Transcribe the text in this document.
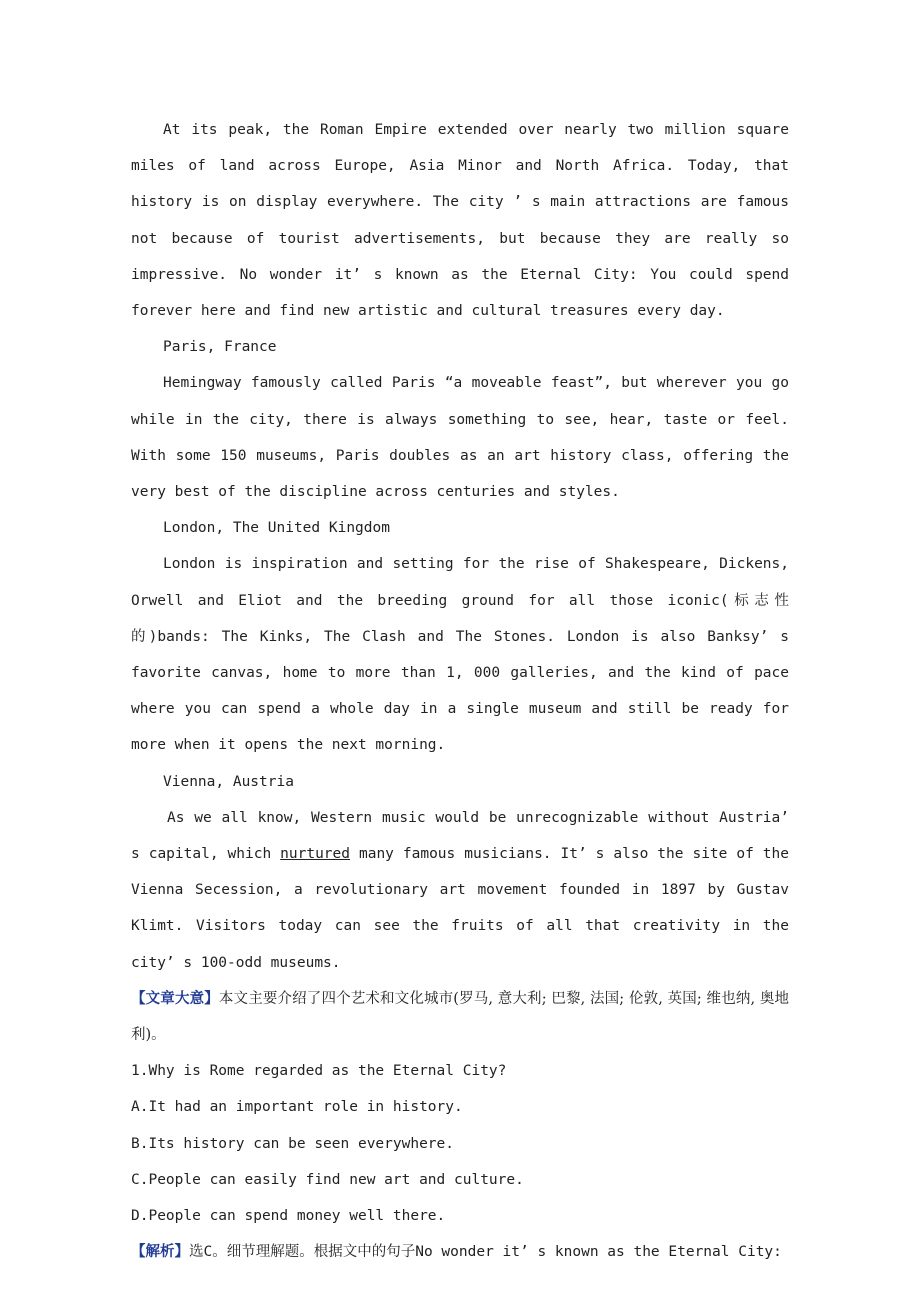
At its peak, the Roman Empire extended over nearly two million square miles of land across Europe, Asia Minor and North Africa. Today, that history is on display everywhere. The city ’ s main attractions are famous not because of tourist advertisements, but because they are really so impressive. No wonder it’ s known as the Eternal City: You could spend forever here and find new artistic and cultural treasures every day.

Paris, France

Hemingway famously called Paris “a moveable feast”, but wherever you go while in the city, there is always something to see, hear, taste or feel. With some 150 museums, Paris doubles as an art history class, offering the very best of the discipline across centuries and styles.

London, The United Kingdom

London is inspiration and setting for the rise of Shakespeare, Dickens, Orwell and Eliot and the breeding ground for all those iconic(标志性的)bands: The Kinks, The Clash and The Stones. London is also Banksy’ s favorite canvas, home to more than 1, 000 galleries, and the kind of pace where you can spend a whole day in a single museum and still be ready for more when it opens the next morning.

Vienna, Austria

As we all know, Western music would be unrecognizable without Austria’ s capital, which nurtured many famous musicians. It’ s also the site of the Vienna Secession, a revolutionary art movement founded in 1897 by Gustav Klimt. Visitors today can see the fruits of all that creativity in the city’ s 100-odd museums.

【文章大意】本文主要介绍了四个艺术和文化城市(罗马, 意大利; 巴黎, 法国; 伦敦, 英国; 维也纳, 奥地利)。

1.Why is Rome regarded as the Eternal City?

A.It had an important role in history.

B.Its history can be seen everywhere.

C.People can easily find new art and culture.

D.People can spend money well there.

【解析】选C。细节理解题。根据文中的句子No wonder it’ s known as the Eternal City:
